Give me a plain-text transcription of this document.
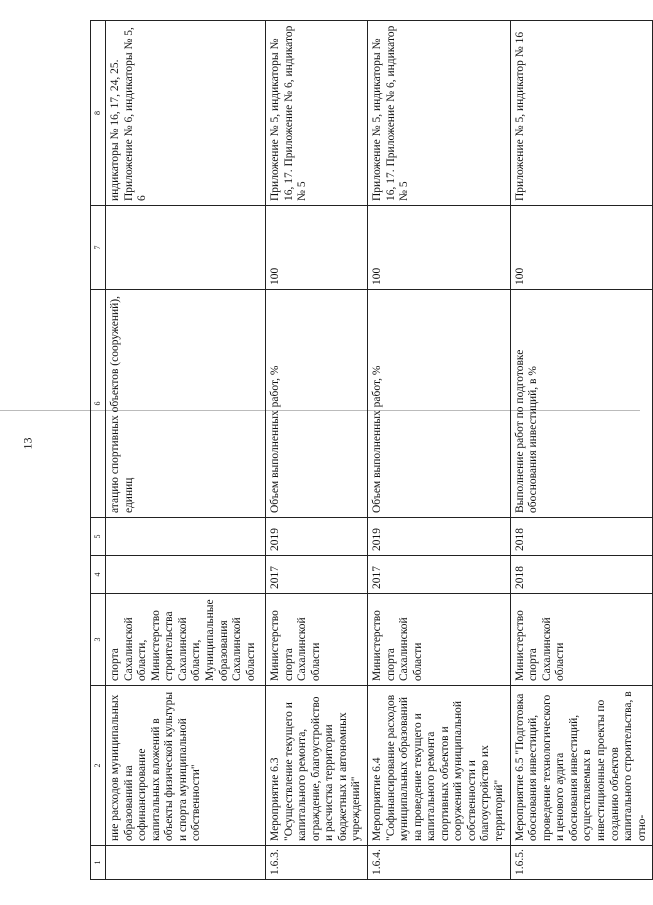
13
1	2	3	4	5	6	7	8
	ние расходов муниципальных образований на софинансирование капитальных вложений в объекты физической культуры и спорта муниципальной собственности"	спорта Сахалинской области, Министерство строительства Сахалинской области, Муниципальные образования Сахалинской области			атацию спортивных объектов (сооружений), единиц		индикаторы № 16, 17, 24, 25. Приложение № 6, индикаторы № 5, 6
1.6.3.	Мероприятие 6.3 "Осуществление текущего и капитального ремонта, ограждение, благоустройство и расчистка территории бюджетных и автономных учреждений"	Министерство спорта Сахалинской области	2017	2019	Объем выполненных работ, %	100	Приложение № 5, индикаторы № 16, 17. Приложение № 6, индикатор № 5
1.6.4.	Мероприятие 6.4 "Софинансирование расходов муниципальных образований на проведение текущего и капитального ремонта спортивных объектов и сооружений муниципальной собственности и благоустройство их территорий"	Министерство спорта Сахалинской области	2017	2019	Объем выполненных работ, %	100	Приложение № 5, индикаторы № 16, 17. Приложение № 6, индикатор № 5
1.6.5.	Мероприятие 6.5 "Подготовка обоснования инвестиций, проведение технологического и ценового аудита обоснования инвестиций, осуществляемых в инвестиционные проекты по созданию объектов капитального строительства, в отно-	Министерство спорта Сахалинской области	2018	2018	Выполнение работ по подготовке обоснования инвестиций, в %	100	Приложение № 5, индикатор № 16
